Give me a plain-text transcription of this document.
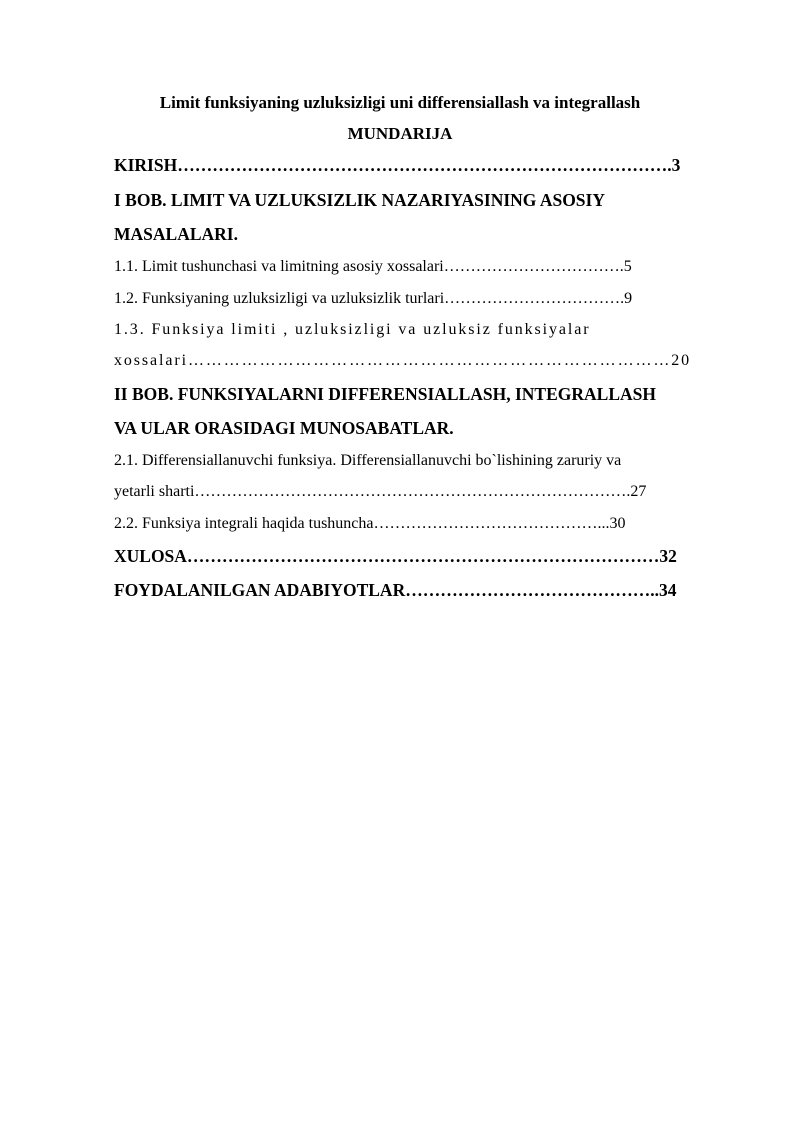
Limit funksiyaning uzluksizligi uni differensiallash va integrallash
MUNDARIJA
KIRISH………………………………………………………………………….3
I BOB. LIMIT VA UZLUKSIZLIK NAZARIYASINING ASOSIY
MASALALARI.
1.1. Limit tushunchasi va limitning asosiy xossalari…………………………….5
1.2. Funksiyaning uzluksizligi va uzluksizlik turlari…………………………….9
1.3. Funksiya limiti , uzluksizligi va uzluksiz funksiyalar
xossalari………………………………………………………………………20
II BOB. FUNKSIYALARNI DIFFERENSIALLASH, INTEGRALLASH
VA ULAR ORASIDAGI MUNOSABATLAR.
2.1. Differensiallanuvchi funksiya. Differensiallanuvchi bo`lishining zaruriy va
yetarli sharti……………………………………………………………………….27
2.2. Funksiya integrali haqida tushuncha……………………………………...30
XULOSA………………………………………………………………………32
FOYDALANILGAN ADABIYOTLAR……………………………………..34
